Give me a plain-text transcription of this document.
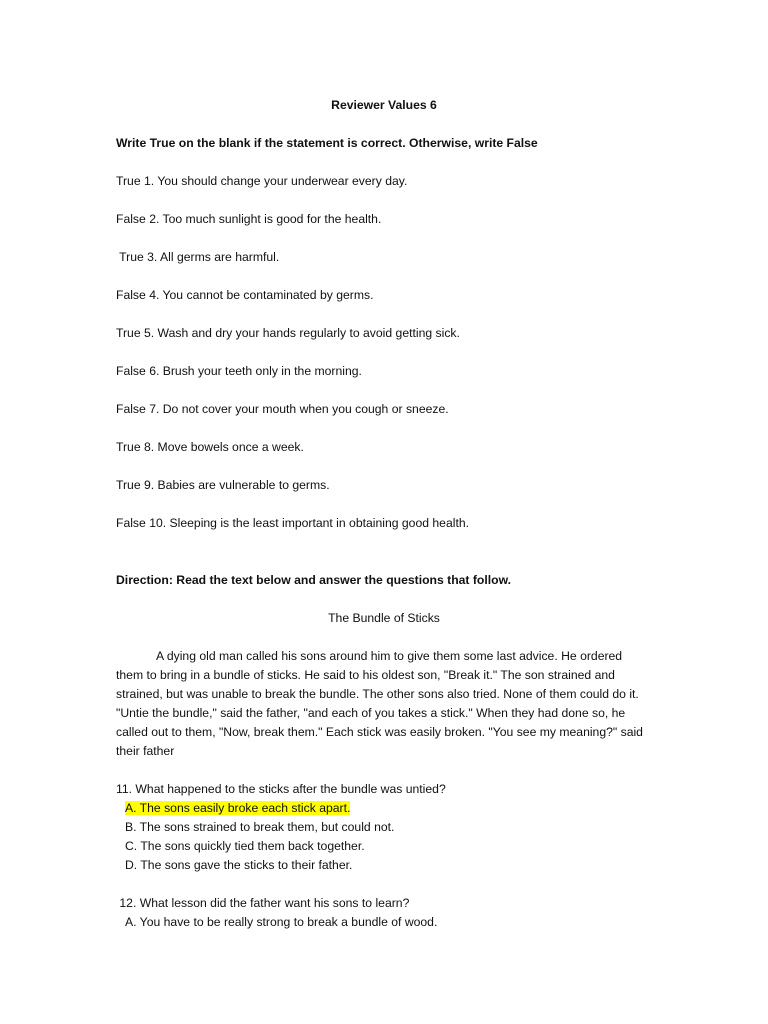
Reviewer Values 6
Write True on the blank if the statement is correct. Otherwise, write False
True 1. You should change your underwear every day.
False 2. Too much sunlight is good for the health.
True 3. All germs are harmful.
False 4. You cannot be contaminated by germs.
True 5. Wash and dry your hands regularly to avoid getting sick.
False 6. Brush your teeth only in the morning.
False 7. Do not cover your mouth when you cough or sneeze.
True 8. Move bowels once a week.
True 9. Babies are vulnerable to germs.
False 10. Sleeping is the least important in obtaining good health.
Direction: Read the text below and answer the questions that follow.
The Bundle of Sticks

A dying old man called his sons around him to give them some last advice. He ordered them to bring in a bundle of sticks. He said to his oldest son, "Break it." The son strained and strained, but was unable to break the bundle. The other sons also tried. None of them could do it. "Untie the bundle," said the father, "and each of you takes a stick." When they had done so, he called out to them, "Now, break them." Each stick was easily broken. "You see my meaning?" said their father

11. What happened to the sticks after the bundle was untied?
A. The sons easily broke each stick apart.
B. The sons strained to break them, but could not.
C. The sons quickly tied them back together.
D. The sons gave the sticks to their father.
12. What lesson did the father want his sons to learn?
A. You have to be really strong to break a bundle of wood.
